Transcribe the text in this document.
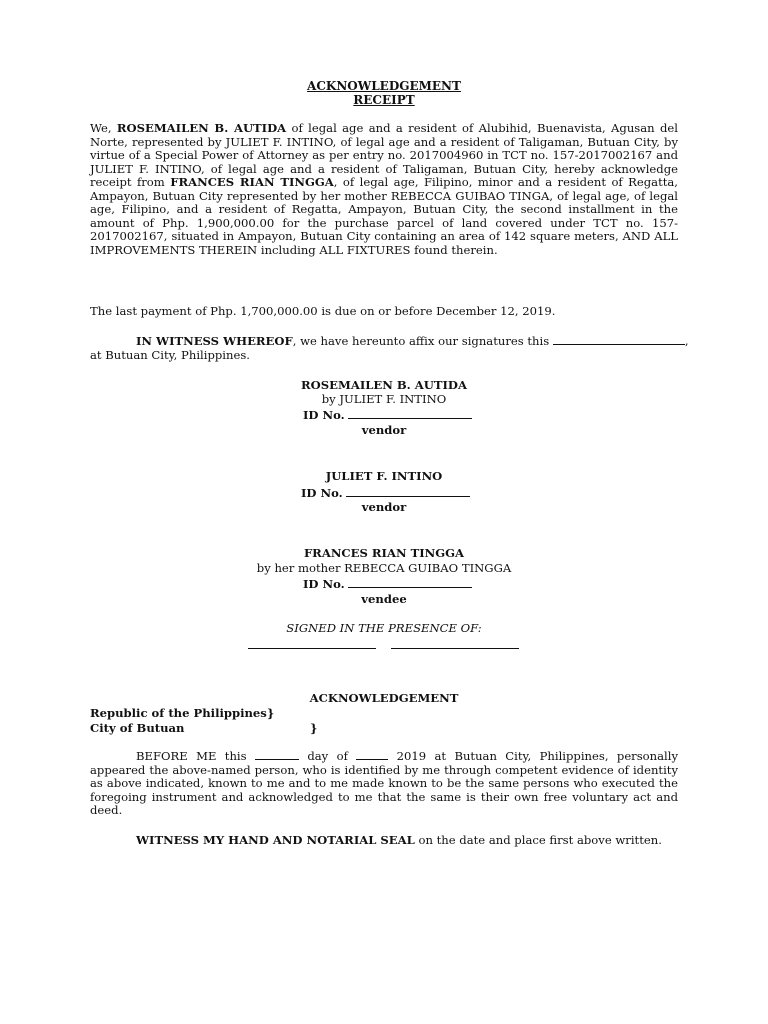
ACKNOWLEDGEMENT
RECEIPT
We, ROSEMAILEN B. AUTIDA of legal age and a resident of Alubihid, Buenavista, Agusan del Norte, represented by JULIET F. INTINO, of legal age and a resident of Taligaman, Butuan City, by virtue of a Special Power of Attorney as per entry no. 2017004960 in TCT no. 157-2017002167 and JULIET F. INTINO, of legal age and a resident of Taligaman, Butuan City, hereby acknowledge receipt from FRANCES RIAN TINGGA, of legal age, Filipino, minor and a resident of Regatta, Ampayon, Butuan City represented by her mother REBECCA GUIBAO TINGA, of legal age, of legal age, Filipino, and a resident of Regatta, Ampayon, Butuan City, the second installment in the amount of Php. 1,900,000.00 for the purchase parcel of land covered under TCT no. 157-2017002167, situated in Ampayon, Butuan City containing an area of 142 square meters, AND ALL IMPROVEMENTS THEREIN including ALL FIXTURES found therein.
The last payment of Php. 1,700,000.00 is due on or before December 12, 2019.
IN WITNESS WHEREOF, we have hereunto affix our signatures this	,
at Butuan City, Philippines.
ROSEMAILEN B. AUTIDA
by JULIET F. INTINO
ID No.
vendor
JULIET F. INTINO
ID No.
vendor
FRANCES RIAN TINGGA
by her mother REBECCA GUIBAO TINGGA
ID No.
vendee
SIGNED IN THE PRESENCE OF:
ACKNOWLEDGEMENT
Republic of the Philippines}
City of Butuan	}
BEFORE ME this	day of	2019 at Butuan City, Philippines, personally appeared the above-named person, who is identified by me through competent evidence of identity as above indicated, known to me and to me made known to be the same persons who executed the foregoing instrument and acknowledged to me that the same is their own free voluntary act and deed.
WITNESS MY HAND AND NOTARIAL SEAL on the date and place first above written.
